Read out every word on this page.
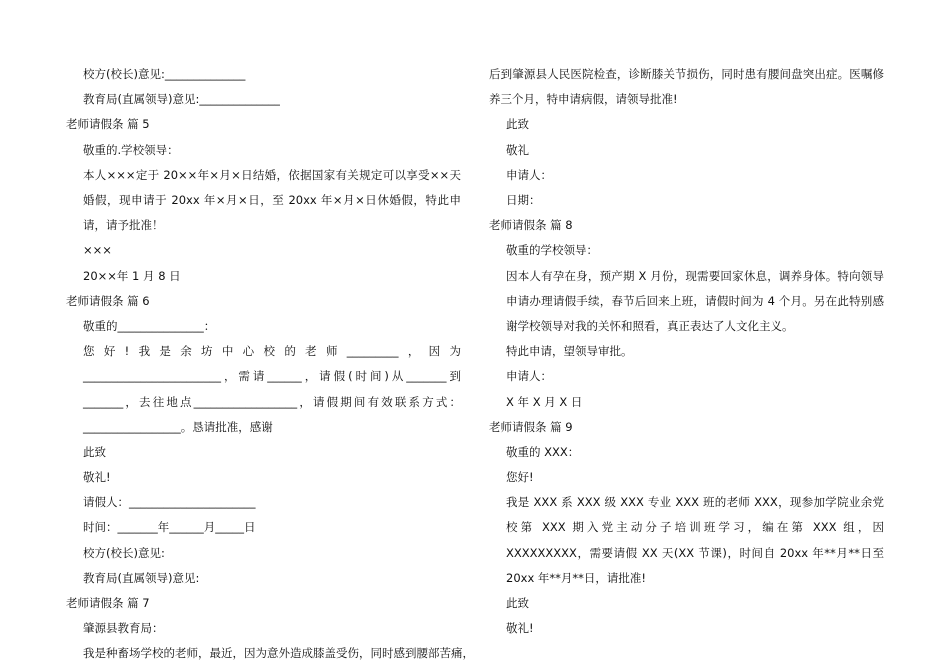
校方(校长)意见:______________
教育局(直属领导)意见:______________
老师请假条 篇 5
敬重的.学校领导：
本人×××定于 20××年×月×日结婚，依据国家有关规定可以享受××天婚假，现申请于 20xx 年×月×日，至 20xx 年×月×日休婚假，特此申请，请予批准！
×××
20××年 1 月 8 日
老师请假条 篇 6
敬重的_______________：
您好!我是余坊中心校的老师_________，因为________________________，需请______，请假(时间)从_______到_______，去往地点__________________，请假期间有效联系方式：_________________。恳请批准，感谢
此致
敬礼!
请假人：______________________
时间：_______年______月_____日
校方(校长)意见:
教育局(直属领导)意见:
老师请假条 篇 7
肇源县教育局：
我是种畜场学校的老师，最近，因为意外造成膝盖受伤，同时感到腰部苦痛，
后到肇源县人民医院检查，诊断膝关节损伤，同时患有腰间盘突出症。医嘱修养三个月，特申请病假，请领导批准!
此致
敬礼
申请人：
日期：
老师请假条 篇 8
敬重的学校领导：
因本人有孕在身，预产期 X 月份，现需要回家休息，调养身体。特向领导申请办理请假手续，春节后回来上班，请假时间为 4 个月。另在此特别感谢学校领导对我的关怀和照看，真正表达了人文化主义。
特此申请，望领导审批。
申请人：
X 年 X 月 X 日
老师请假条 篇 9
敬重的 XXX：
您好!
我是 XXX 系 XXX 级 XXX 专业 XXX 班的老师 XXX，现参加学院业余党校第 XXX 期入党主动分子培训班学习，编在第 XXX 组，因 XXXXXXXXX，需要请假 XX 天(XX 节课)，时间自 20xx 年**月**日至 20xx 年**月**日，请批准!
此致
敬礼!
